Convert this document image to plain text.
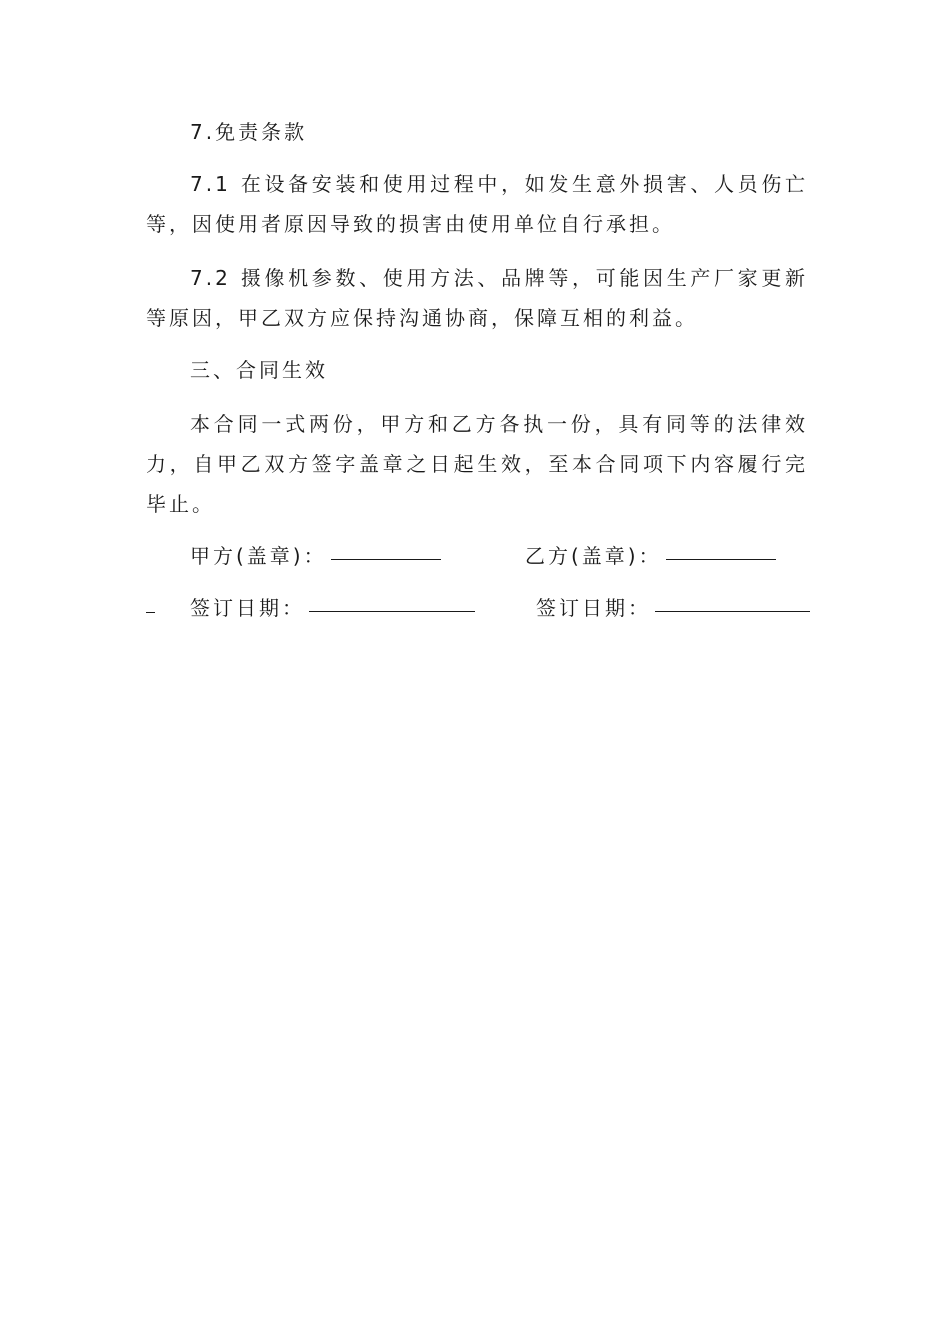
7.免责条款

7.1 在设备安装和使用过程中，如发生意外损害、人员伤亡等，因使用者原因导致的损害由使用单位自行承担。

7.2 摄像机参数、使用方法、品牌等，可能因生产厂家更新等原因，甲乙双方应保持沟通协商，保障互相的利益。

三、合同生效

本合同一式两份，甲方和乙方各执一份，具有同等的法律效力，自甲乙双方签字盖章之日起生效，至本合同项下内容履行完毕止。

甲方(盖章)：	乙方(盖章)：
签订日期：	签订日期：
